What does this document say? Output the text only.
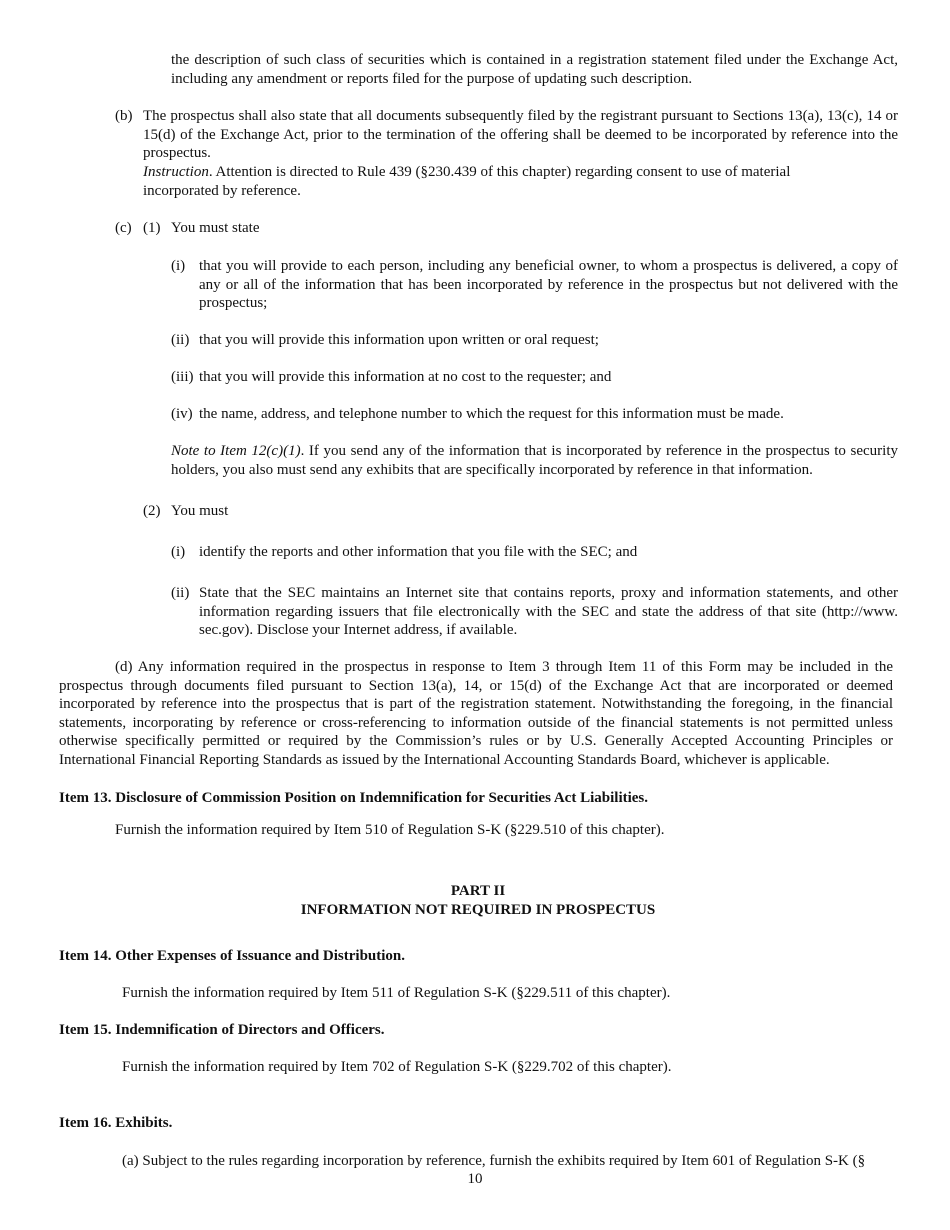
the description of such class of securities which is contained in a registration statement filed under the Exchange Act, including any amendment or reports filed for the purpose of updating such description.

(b) The prospectus shall also state that all documents subsequently filed by the registrant pursuant to Sections 13(a), 13(c), 14 or 15(d) of the Exchange Act, prior to the termination of the offering shall be deemed to be incorporated by reference into the prospectus.

Instruction. Attention is directed to Rule 439 (§230.439 of this chapter) regarding consent to use of material incorporated by reference.

(c) (1) You must state
(i) that you will provide to each person, including any beneficial owner, to whom a prospectus is delivered, a copy of any or all of the information that has been incorporated by reference in the prospectus but not delivered with the prospectus;

(ii) that you will provide this information upon written or oral request;

(iii) that you will provide this information at no cost to the requester; and

(iv) the name, address, and telephone number to which the request for this information must be made.

Note to Item 12(c)(1). If you send any of the information that is incorporated by reference in the prospectus to security holders, you also must send any exhibits that are specifically incorporated by reference in that information.

(2) You must
(i) identify the reports and other information that you file with the SEC; and

(ii) State that the SEC maintains an Internet site that contains reports, proxy and information statements, and other information regarding issuers that file electronically with the SEC and state the address of that site (http://www. sec.gov). Disclose your Internet address, if available.

(d) Any information required in the prospectus in response to Item 3 through Item 11 of this Form may be included in the prospectus through documents filed pursuant to Section 13(a), 14, or 15(d) of the Exchange Act that are incorporated or deemed incorporated by reference into the prospectus that is part of the registration statement. Notwithstanding the foregoing, in the financial statements, incorporating by reference or cross-referencing to information outside of the financial statements is not permitted unless otherwise specifically permitted or required by the Commission’s rules or by U.S. Generally Accepted Accounting Principles or International Financial Reporting Standards as issued by the International Accounting Standards Board, whichever is applicable.

Item 13. Disclosure of Commission Position on Indemnification for Securities Act Liabilities.

Furnish the information required by Item 510 of Regulation S-K (§229.510 of this chapter).

PART II

INFORMATION NOT REQUIRED IN PROSPECTUS

Item 14. Other Expenses of Issuance and Distribution.

Furnish the information required by Item 511 of Regulation S-K (§229.511 of this chapter).

Item 15. Indemnification of Directors and Officers.

Furnish the information required by Item 702 of Regulation S-K (§229.702 of this chapter).

Item 16. Exhibits.

(a) Subject to the rules regarding incorporation by reference, furnish the exhibits required by Item 601 of Regulation S-K (§

10
